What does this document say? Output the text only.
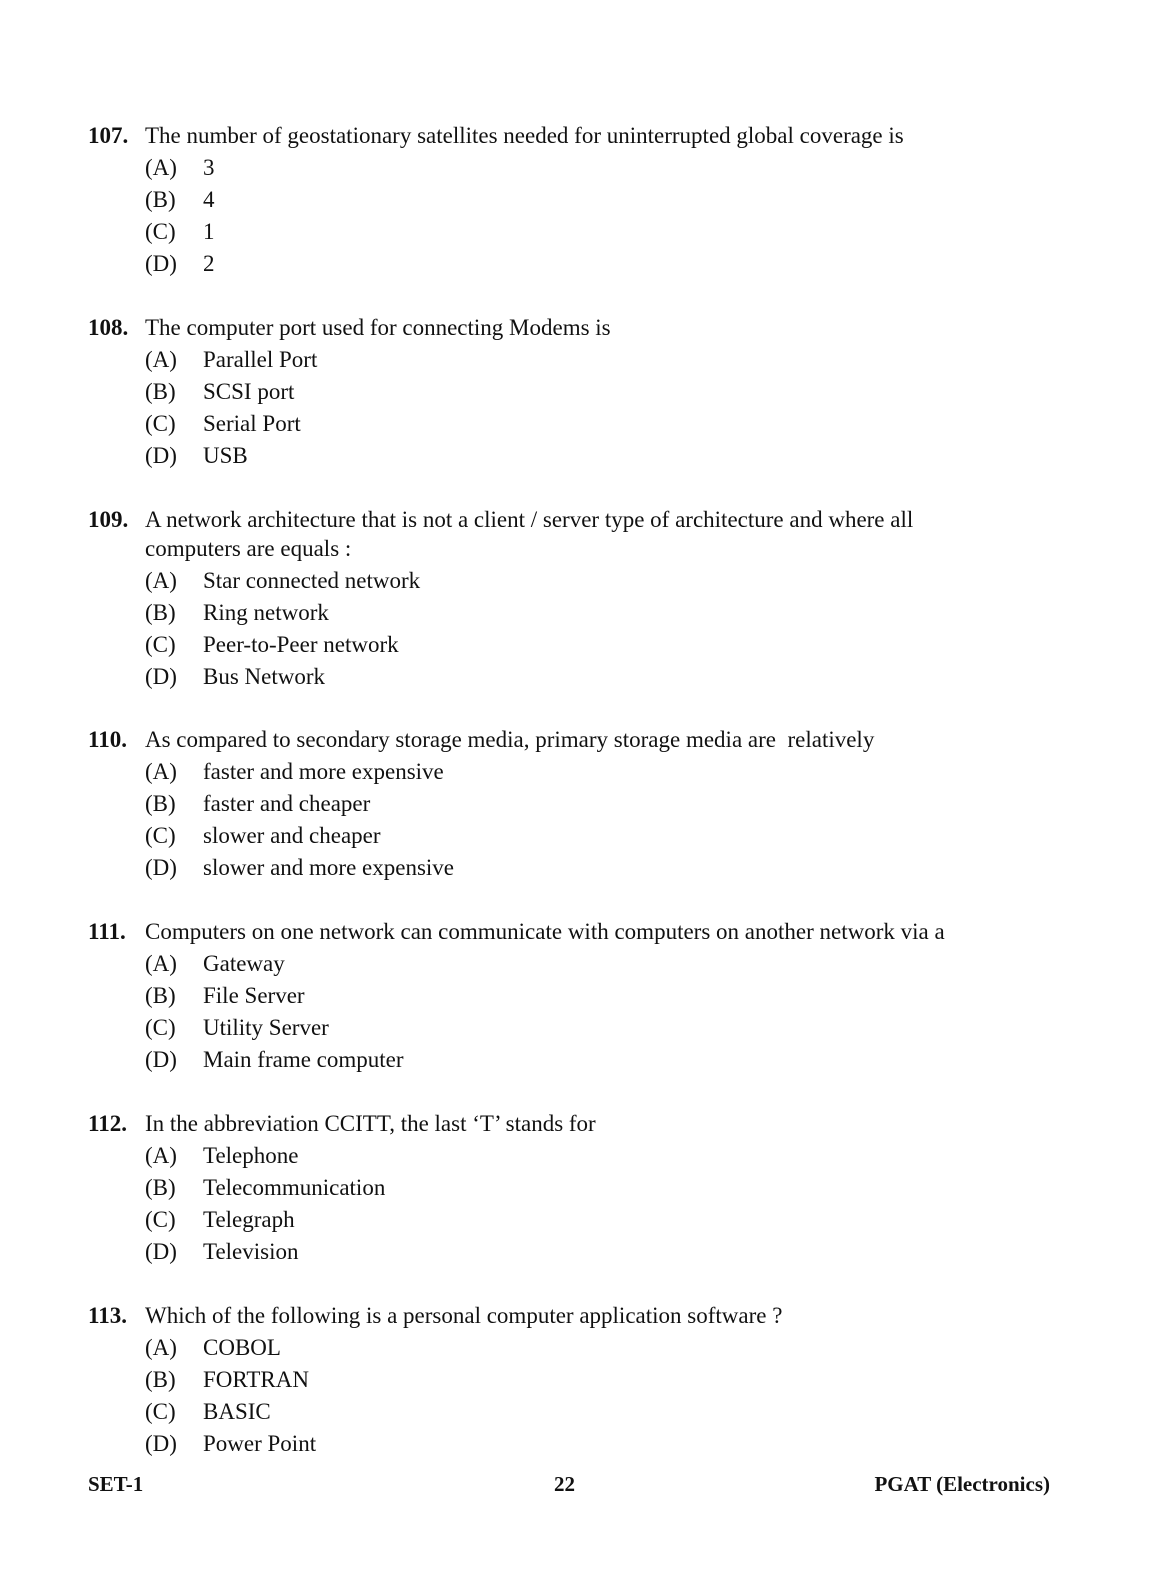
107. The number of geostationary satellites needed for uninterrupted global coverage is
(A)	3
(B)	4
(C)	1
(D)	2
108. The computer port used for connecting Modems is
(A)	Parallel Port
(B)	SCSI port
(C)	Serial Port
(D)	USB
109. A network architecture that is not a client / server type of architecture and where all computers are equals :
(A)	Star connected network
(B)	Ring network
(C)	Peer-to-Peer network
(D)	Bus Network
110. As compared to secondary storage media, primary storage media are  relatively
(A)	faster and more expensive
(B)	faster and cheaper
(C)	slower and cheaper
(D)	slower and more expensive
111. Computers on one network can communicate with computers on another network via a
(A)	Gateway
(B)	File Server
(C)	Utility Server
(D)	Main frame computer
112. In the abbreviation CCITT, the last ‘T’ stands for
(A)	Telephone
(B)	Telecommunication
(C)	Telegraph
(D)	Television
113. Which of the following is a personal computer application software ?
(A)	COBOL
(B)	FORTRAN
(C)	BASIC
(D)	Power Point
SET-1	22	PGAT (Electronics)
